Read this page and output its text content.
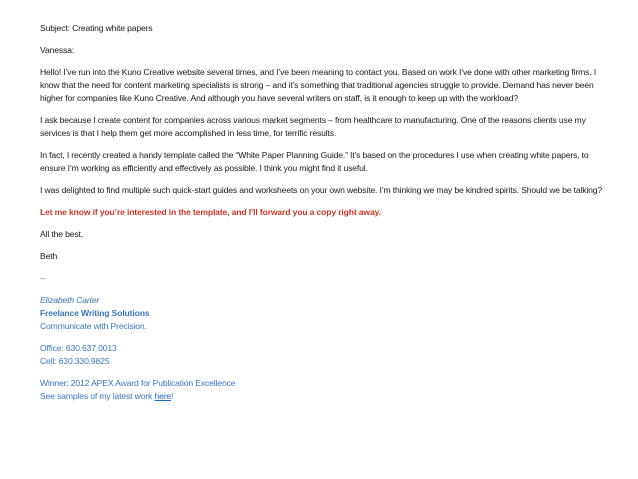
Subject: Creating white papers

Vanessa:

Hello! I’ve run into the Kuno Creative website several times, and I’ve been meaning to contact you. Based on work I’ve done with other marketing firms, I know that the need for content marketing specialists is strong – and it’s something that traditional agencies struggle to provide. Demand has never been higher for companies like Kuno Creative. And although you have several writers on staff, is it enough to keep up with the workload?

I ask because I create content for companies across various market segments – from healthcare to manufacturing. One of the reasons clients use my services is that I help them get more accomplished in less time, for terrific results.

In fact, I recently created a handy template called the “White Paper Planning Guide.” It’s based on the procedures I use when creating white papers, to ensure I’m working as efficiently and effectively as possible. I think you might find it useful.

I was delighted to find multiple such quick-start guides and worksheets on your own website. I’m thinking we may be kindred spirits. Should we be talking?

Let me know if you’re interested in the template, and I’ll forward you a copy right away.

All the best,

Beth

--

Elizabeth Carter

Freelance Writing Solutions

Communicate with Precision.

Office: 630.637.0013

Cell: 630.330.9825

Winner: 2012 APEX Award for Publication Excellence

See samples of my latest work here!
